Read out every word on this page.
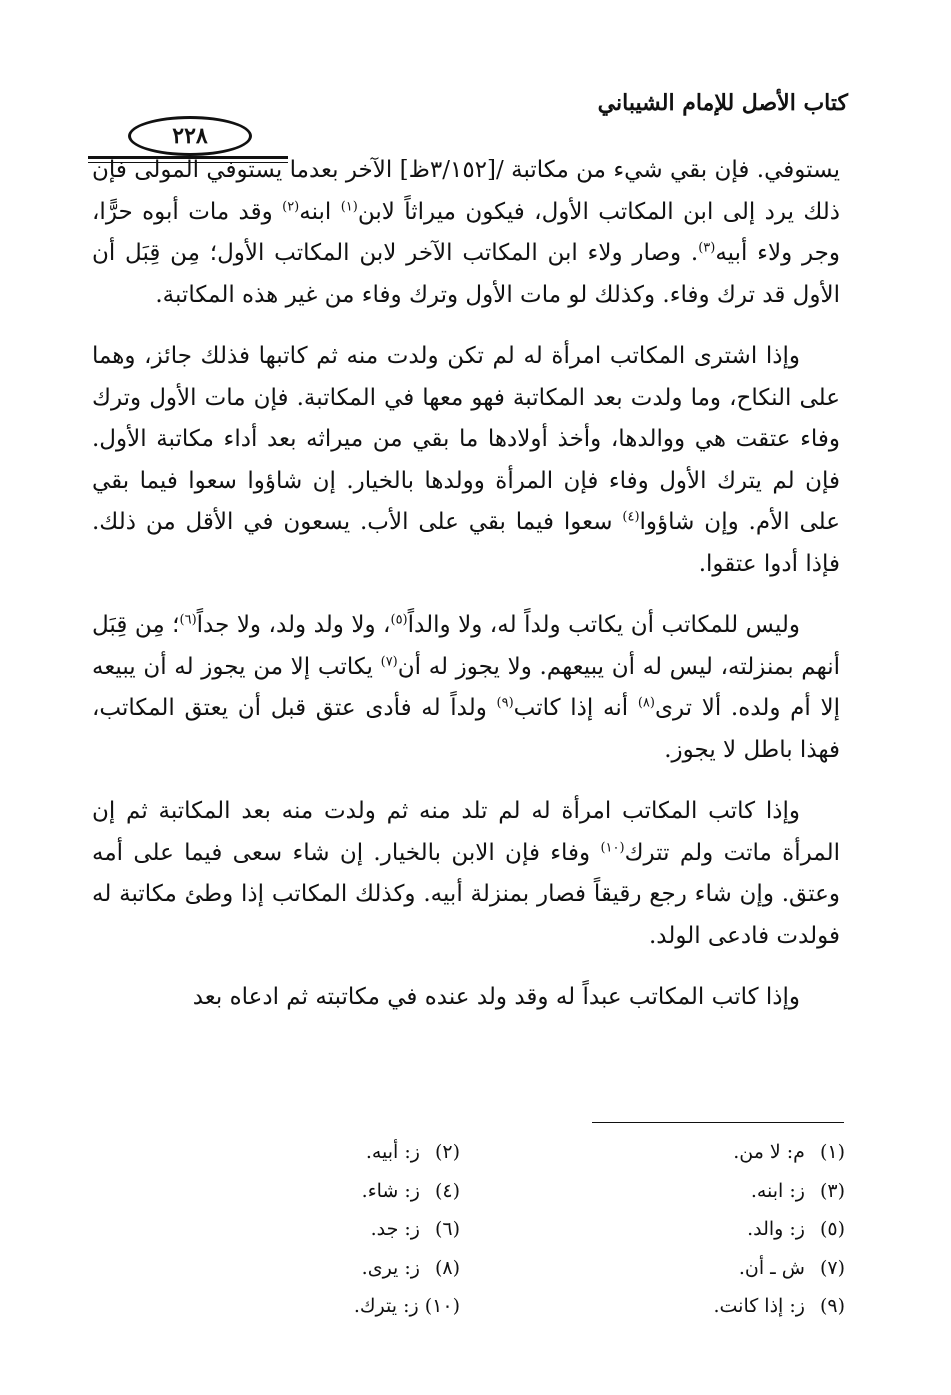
كتاب الأصل للإمام الشيباني
٢٢٨

يستوفي. فإن بقي شيء من مكاتبة /[٣/١٥٢ظ] الآخر بعدما يستوفي المولى فإن ذلك يرد إلى ابن المكاتب الأول، فيكون ميراثاً لابن$^{(١)}$ ابنه$^{(٢)}$ وقد مات أبوه حرًّا، وجر ولاء أبيه$^{(٣)}$. وصار ولاء ابن المكاتب الآخر لابن المكاتب الأول؛ مِن قِبَل أن الأول قد ترك وفاء. وكذلك لو مات الأول وترك وفاء من غير هذه المكاتبة.

وإذا اشترى المكاتب امرأة له لم تكن ولدت منه ثم كاتبها فذلك جائز، وهما على النكاح، وما ولدت بعد المكاتبة فهو معها في المكاتبة. فإن مات الأول وترك وفاء عتقت هي ووالدها، وأخذ أولادها ما بقي من ميراثه بعد أداء مكاتبة الأول. فإن لم يترك الأول وفاء فإن المرأة وولدها بالخيار. إن شاؤوا سعوا فيما بقي على الأم. وإن شاؤوا$^{(٤)}$ سعوا فيما بقي على الأب. يسعون في الأقل من ذلك. فإذا أدوا عتقوا.

وليس للمكاتب أن يكاتب ولداً له، ولا والداً$^{(٥)}$، ولا ولد ولد، ولا جداً$^{(٦)}$؛ مِن قِبَل أنهم بمنزلته، ليس له أن يبيعهم. ولا يجوز له أن$^{(٧)}$ يكاتب إلا من يجوز له أن يبيعه إلا أم ولده. ألا ترى$^{(٨)}$ أنه إذا كاتب$^{(٩)}$ ولداً له فأدى عتق قبل أن يعتق المكاتب، فهذا باطل لا يجوز.

وإذا كاتب المكاتب امرأة له لم تلد منه ثم ولدت منه بعد المكاتبة ثم إن المرأة ماتت ولم تترك$^{(١٠)}$ وفاء فإن الابن بالخيار. إن شاء سعى فيما على أمه وعتق. وإن شاء رجع رقيقاً فصار بمنزلة أبيه. وكذلك المكاتب إذا وطئ مكاتبة له فولدت فادعى الولد.

وإذا كاتب المكاتب عبداً له وقد ولد عنده في مكاتبته ثم ادعاه بعد

(١) م: لا من.
(٣) ز: ابنه.
(٥) ز: والد.
(٧) ش ـ أن.
(٩) ز: إذا كانت.
(٢) ز: أبيه.
(٤) ز: شاء.
(٦) ز: جد.
(٨) ز: يرى.
(١٠) ز: يترك.
